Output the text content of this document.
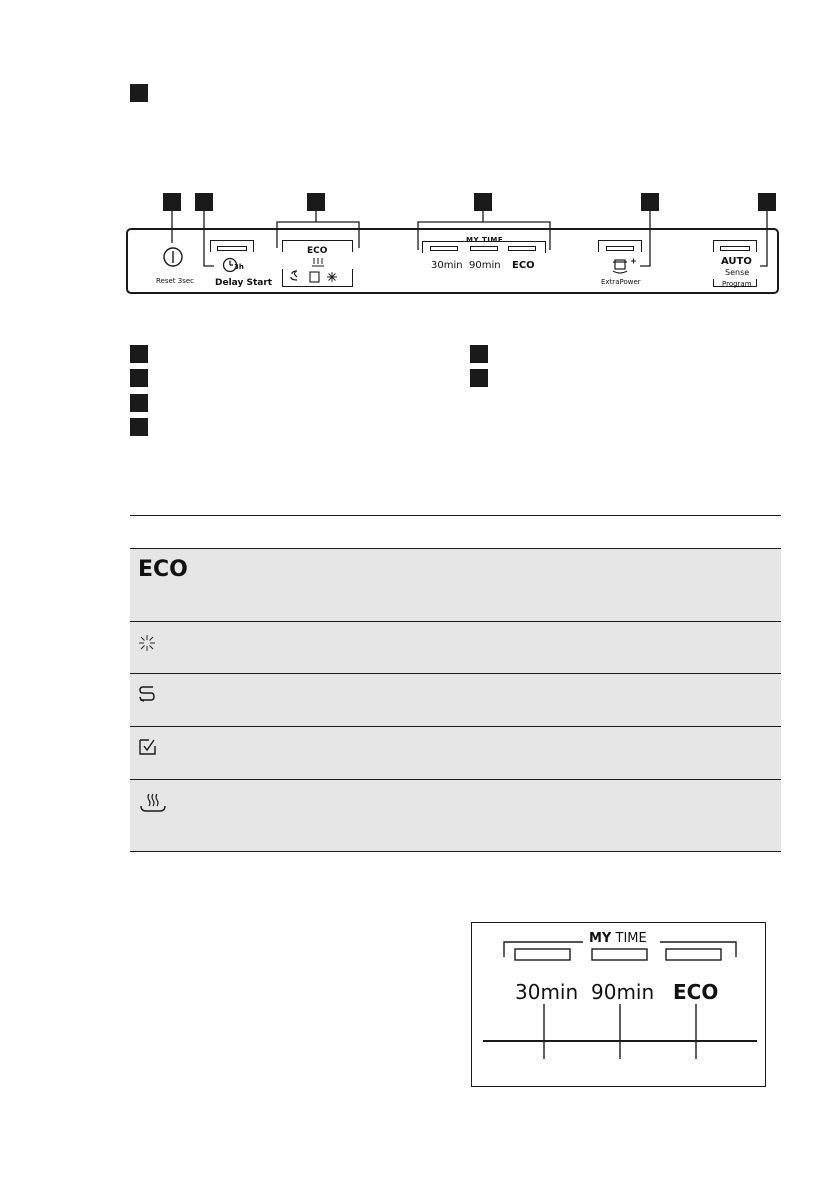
Reset 3sec
3h
Delay Start
ECO
MY TIME
30min 90min ECO
ExtraPower
AUTO
Sense
Program

ECO

MY TIME
30min 90min ECO
